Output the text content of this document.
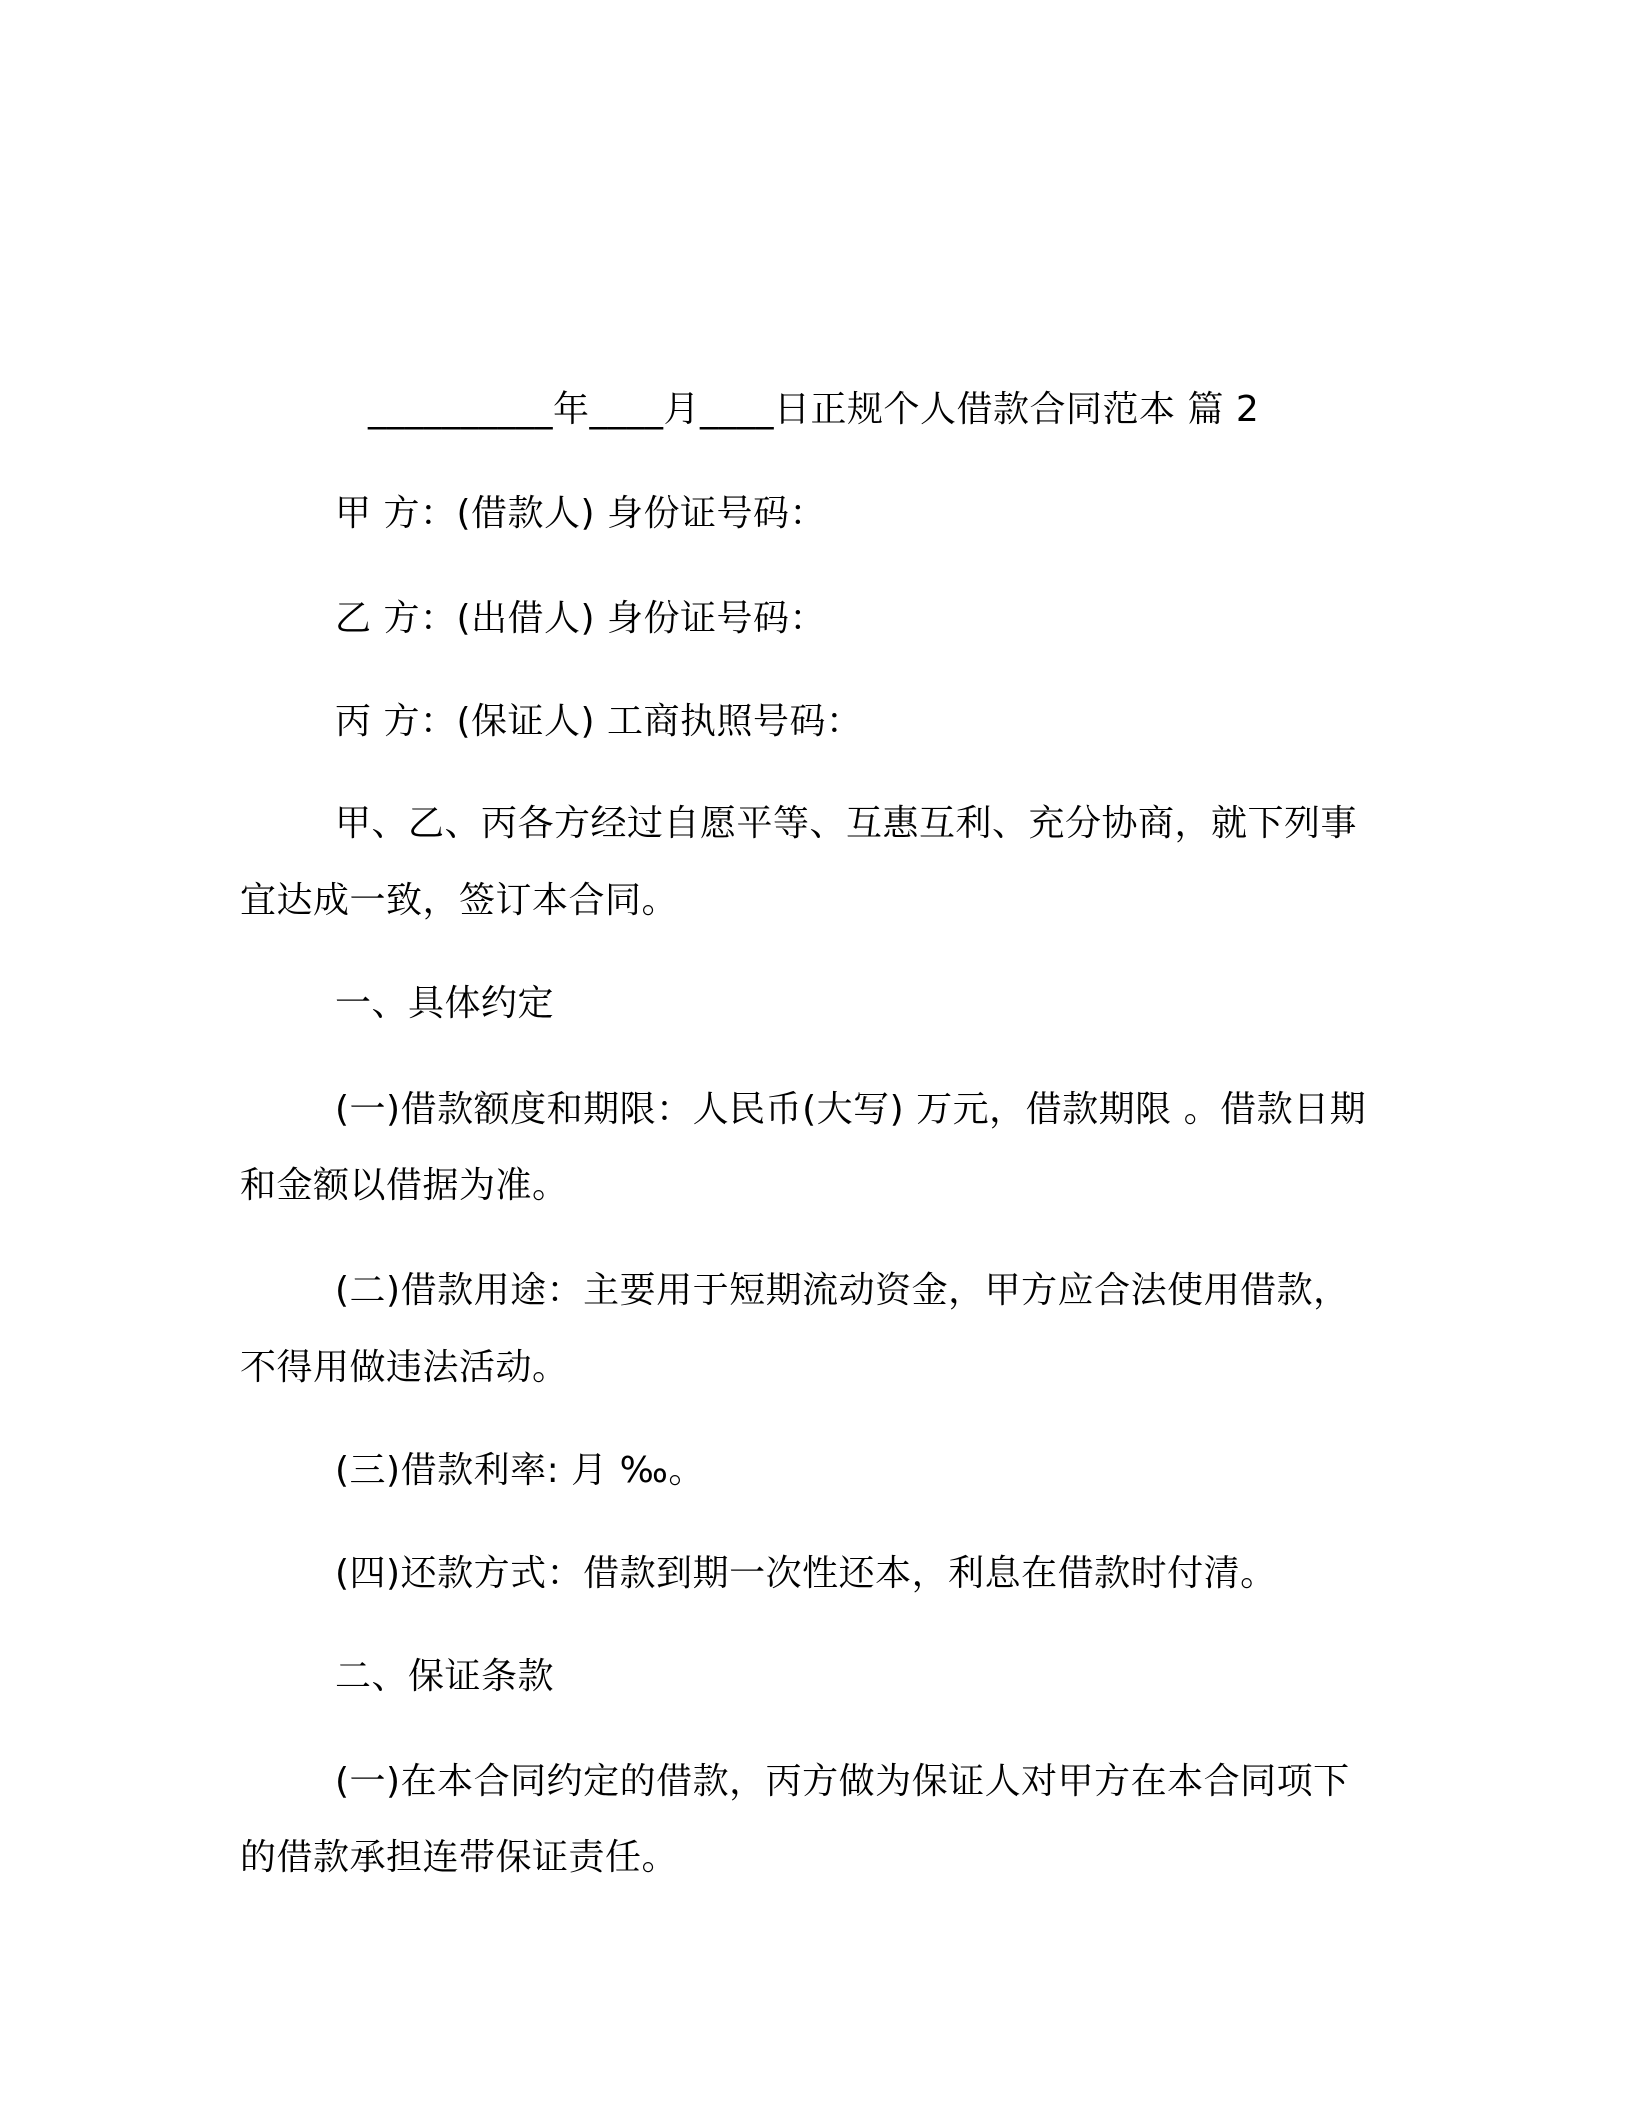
__________年____月____日正规个人借款合同范本 篇 2
甲 方：(借款人) 身份证号码：
乙 方：(出借人) 身份证号码：
丙 方：(保证人) 工商执照号码：
甲、乙、丙各方经过自愿平等、互惠互利、充分协商，就下列事
宜达成一致，签订本合同。
一、具体约定
(一)借款额度和期限：人民币(大写) 万元，借款期限 。借款日期
和金额以借据为准。
(二)借款用途：主要用于短期流动资金，甲方应合法使用借款，
不得用做违法活动。
(三)借款利率: 月 ‰。
(四)还款方式：借款到期一次性还本，利息在借款时付清。
二、保证条款
(一)在本合同约定的借款，丙方做为保证人对甲方在本合同项下
的借款承担连带保证责任。
